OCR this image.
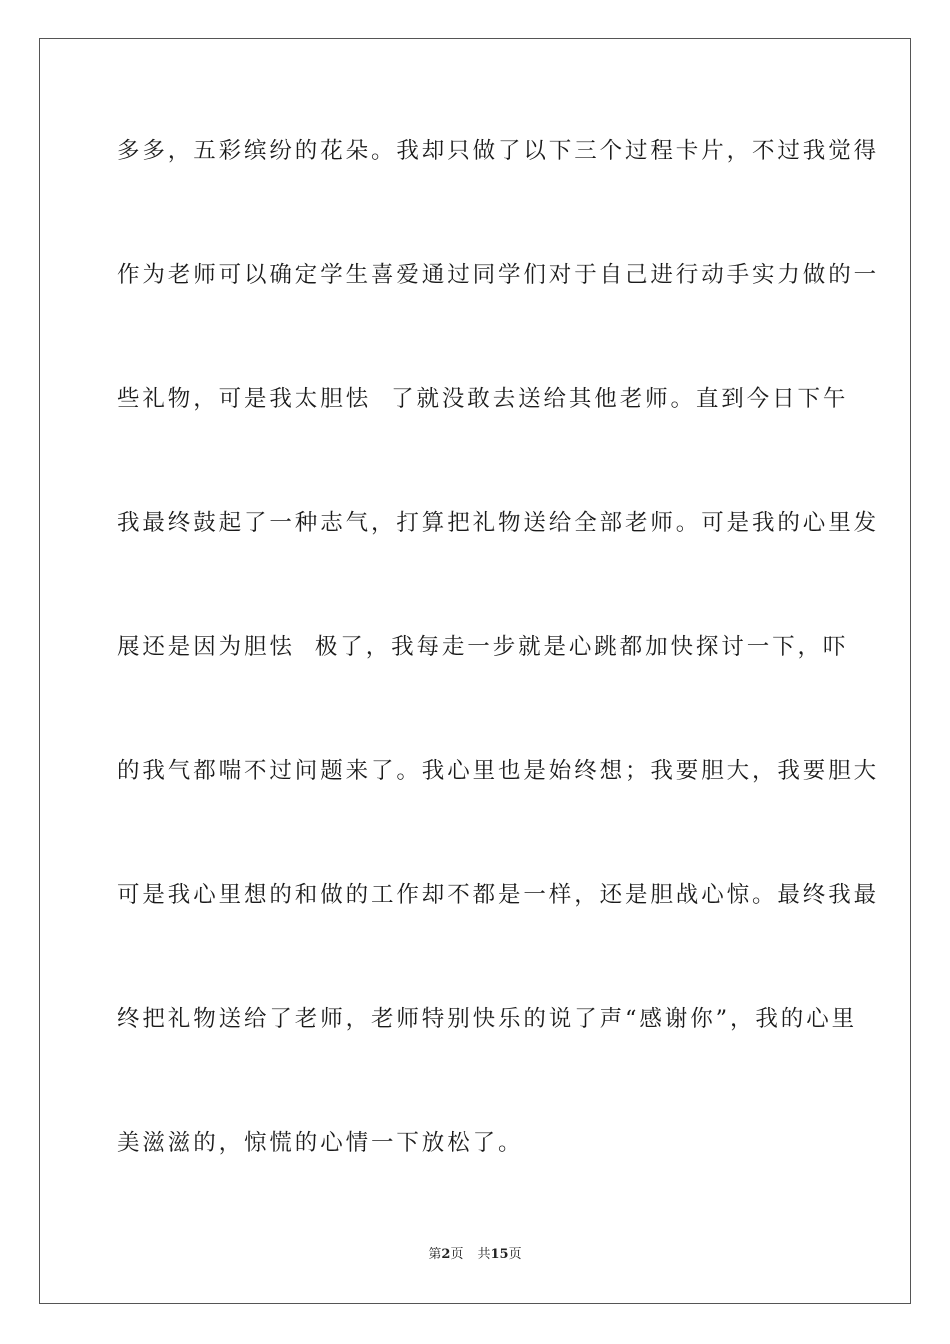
多多，五彩缤纷的花朵。我却只做了以下三个过程卡片，不过我觉得
作为老师可以确定学生喜爱通过同学们对于自己进行动手实力做的一
些礼物，可是我太胆怯  了就没敢去送给其他老师。直到今日下午
我最终鼓起了一种志气，打算把礼物送给全部老师。可是我的心里发
展还是因为胆怯  极了，我每走一步就是心跳都加快探讨一下，吓
的我气都喘不过问题来了。我心里也是始终想；我要胆大，我要胆大
可是我心里想的和做的工作却不都是一样，还是胆战心惊。最终我最
终把礼物送给了老师，老师特别快乐的说了声“感谢你”，我的心里
美滋滋的，惊慌的心情一下放松了。
第2页 共15页
